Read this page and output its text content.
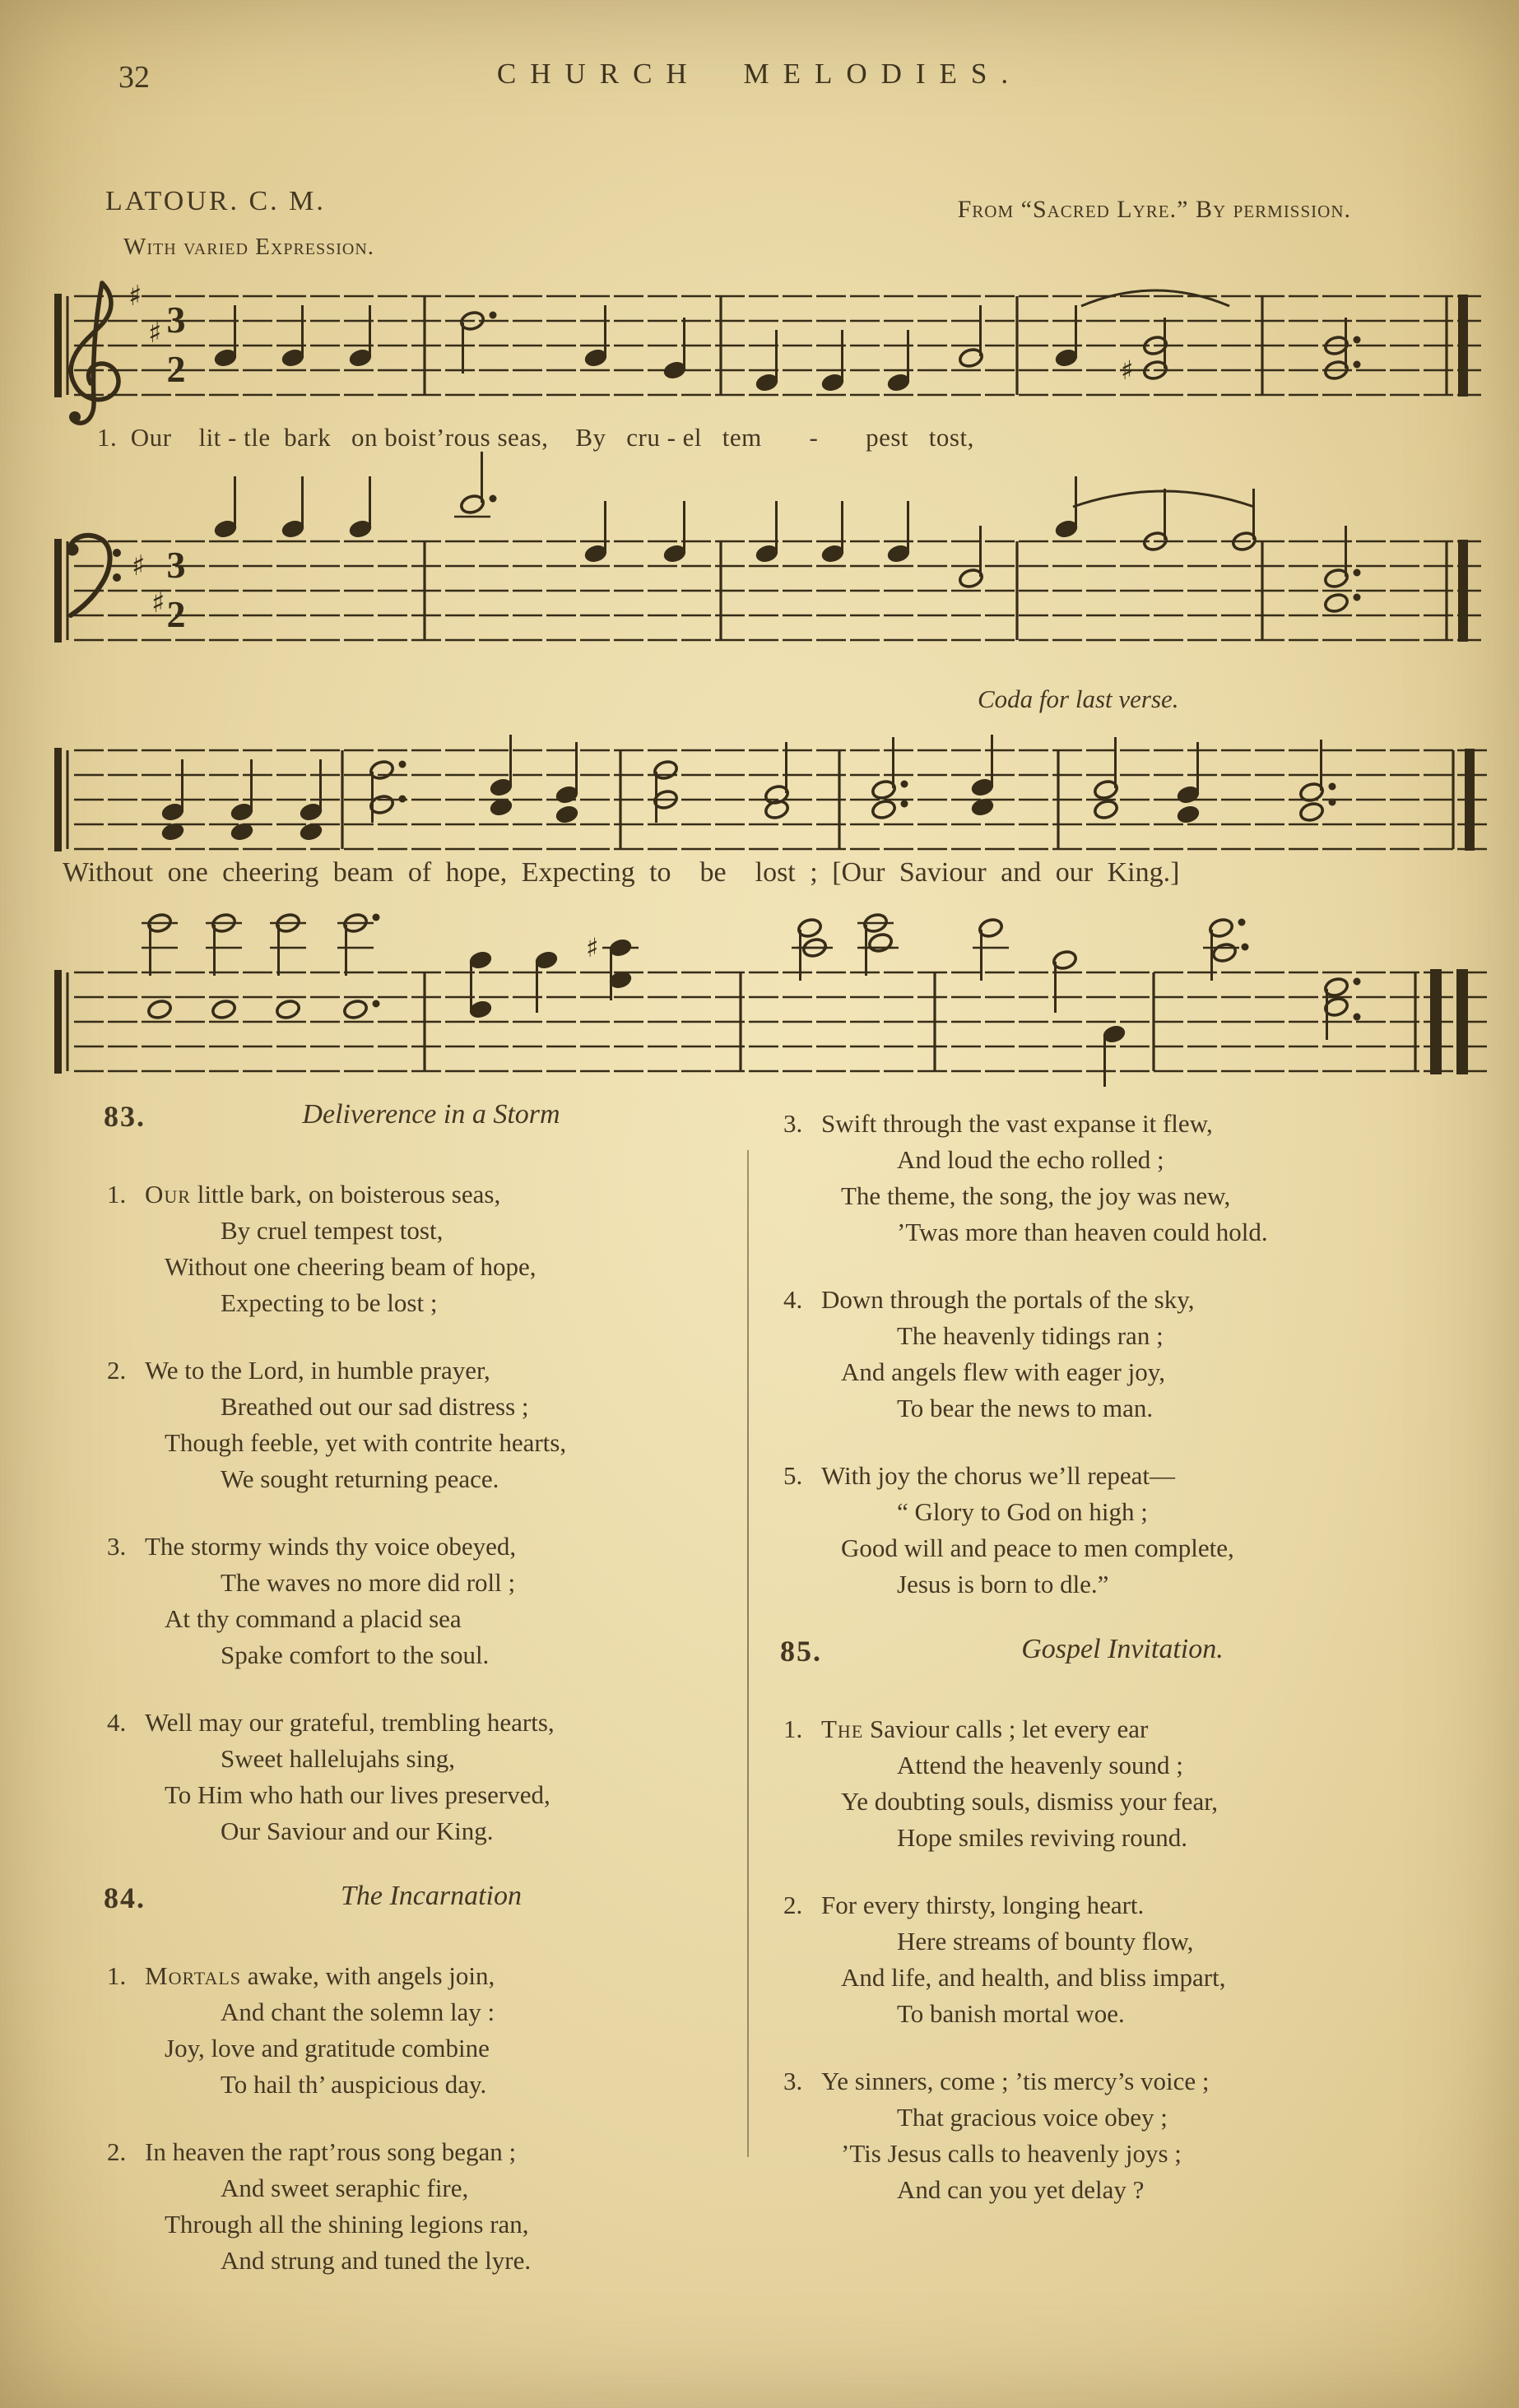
32	CHURCH MELODIES.
LATOUR. C. M.	From “Sacred Lyre.” By permission.
With varied Expression.
♯
♯ 3
2	♯
1.  Our    lit - tle  bark   on boist’rous seas,    By   cru - el   tem       -       pest   tost,
♯
♯
3
2
Coda for last verse.
Without one cheering beam of hope, Expecting to  be  lost ; [Our Saviour and our King.]
♯
83.	Deliverence in a Storm
1. Our little bark, on boisterous seas,
By cruel tempest tost,
Without one cheering beam of hope,
Expecting to be lost ;
2. We to the Lord, in humble prayer,
Breathed out our sad distress ;
Though feeble, yet with contrite hearts,
We sought returning peace.
3. The stormy winds thy voice obeyed,
The waves no more did roll ;
At thy command a placid sea
Spake comfort to the soul.
4. Well may our grateful, trembling hearts,
Sweet hallelujahs sing,
To Him who hath our lives preserved,
Our Saviour and our King.
84.	The Incarnation
1. Mortals awake, with angels join,
And chant the solemn lay :
Joy, love and gratitude combine
To hail th’ auspicious day.
2. In heaven the rapt’rous song began ;
And sweet seraphic fire,
Through all the shining legions ran,
And strung and tuned the lyre.
3. Swift through the vast expanse it flew,
And loud the echo rolled ;
The theme, the song, the joy was new,
’Twas more than heaven could hold.
4. Down through the portals of the sky,
The heavenly tidings ran ;
And angels flew with eager joy,
To bear the news to man.
5. With joy the chorus we’ll repeat—
“ Glory to God on high ;
Good will and peace to men complete,
Jesus is born to dle.”
85.	Gospel Invitation.
1. The Saviour calls ; let every ear
Attend the heavenly sound ;
Ye doubting souls, dismiss your fear,
Hope smiles reviving round.
2. For every thirsty, longing heart.
Here streams of bounty flow,
And life, and health, and bliss impart,
To banish mortal woe.
3. Ye sinners, come ; ’tis mercy’s voice ;
That gracious voice obey ;
’Tis Jesus calls to heavenly joys ;
And can you yet delay ?
